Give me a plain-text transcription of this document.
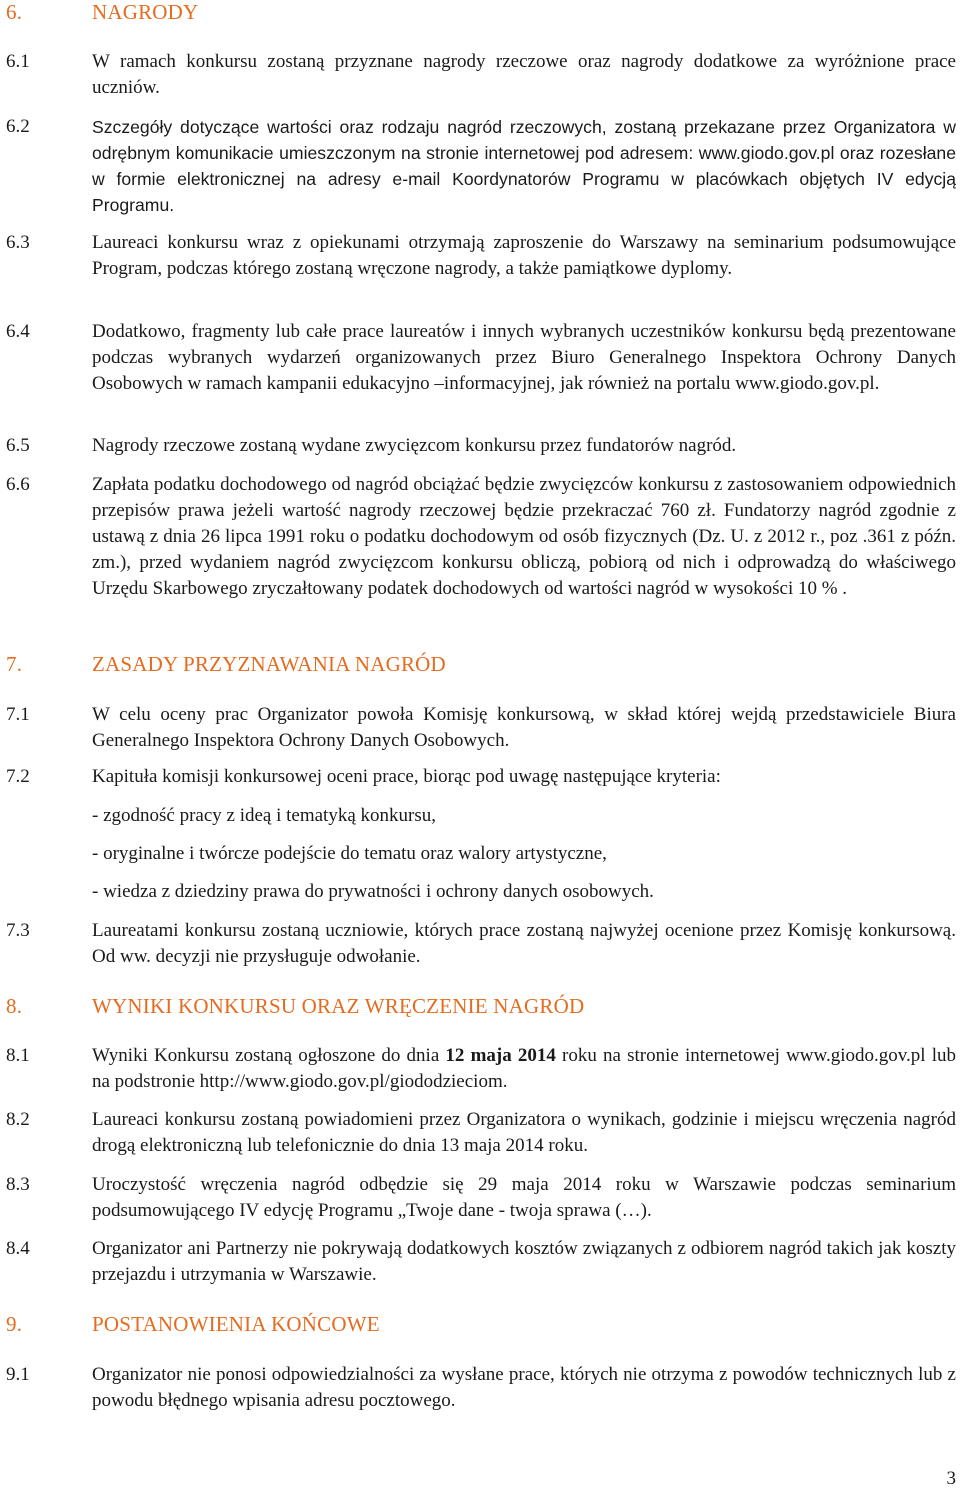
6.	NAGRODY
6.1	W ramach konkursu zostaną przyznane nagrody rzeczowe oraz nagrody dodatkowe za wyróżnione prace uczniów.
6.2	Szczegóły dotyczące wartości oraz rodzaju nagród rzeczowych, zostaną przekazane przez Organizatora w odrębnym komunikacie umieszczonym na stronie internetowej pod adresem: www.giodo.gov.pl oraz rozesłane w formie elektronicznej na adresy e-mail Koordynatorów Programu w placówkach objętych IV edycją Programu.
6.3	Laureaci konkursu wraz z opiekunami otrzymają zaproszenie do Warszawy na seminarium podsumowujące Program, podczas którego zostaną wręczone nagrody, a także pamiątkowe dyplomy.
6.4	Dodatkowo, fragmenty lub całe prace laureatów i innych wybranych uczestników konkursu będą prezentowane podczas wybranych wydarzeń organizowanych przez Biuro Generalnego Inspektora Ochrony Danych Osobowych w ramach kampanii edukacyjno –informacyjnej, jak również na portalu www.giodo.gov.pl.
6.5	Nagrody rzeczowe zostaną wydane zwycięzcom konkursu przez fundatorów nagród.
6.6	Zapłata podatku dochodowego od nagród obciążać będzie zwycięzców konkursu z zastosowaniem odpowiednich przepisów prawa jeżeli wartość nagrody rzeczowej będzie przekraczać 760 zł. Fundatorzy nagród zgodnie z ustawą z dnia 26 lipca 1991 roku o podatku dochodowym od osób fizycznych (Dz. U. z 2012 r., poz .361 z późn. zm.), przed wydaniem nagród zwycięzcom konkursu obliczą, pobiorą od nich i odprowadzą do właściwego Urzędu Skarbowego zryczałtowany podatek dochodowych od wartości nagród w wysokości 10 % .
7.	ZASADY PRZYZNAWANIA NAGRÓD
7.1	W celu oceny prac Organizator powoła Komisję konkursową, w skład której wejdą przedstawiciele Biura Generalnego Inspektora Ochrony Danych Osobowych.
7.2	Kapituła komisji konkursowej oceni prace, biorąc pod uwagę następujące kryteria:
- zgodność pracy z ideą i tematyką konkursu,
- oryginalne i twórcze podejście do tematu oraz walory artystyczne,
- wiedza z dziedziny prawa do prywatności i ochrony danych osobowych.
7.3	Laureatami konkursu zostaną uczniowie, których prace zostaną najwyżej ocenione przez Komisję konkursową. Od ww. decyzji nie przysługuje odwołanie.
8.	WYNIKI KONKURSU ORAZ WRĘCZENIE NAGRÓD
8.1	Wyniki Konkursu zostaną ogłoszone do dnia 12 maja 2014 roku na stronie internetowej www.giodo.gov.pl lub na podstronie http://www.giodo.gov.pl/giododzieciom.
8.2	Laureaci konkursu zostaną powiadomieni przez Organizatora o wynikach, godzinie i miejscu wręczenia nagród drogą elektroniczną lub telefonicznie do dnia 13 maja 2014 roku.
8.3	Uroczystość wręczenia nagród odbędzie się 29 maja 2014 roku w Warszawie podczas seminarium podsumowującego IV edycję Programu „Twoje dane - twoja sprawa (…).
8.4	Organizator ani Partnerzy nie pokrywają dodatkowych kosztów związanych z odbiorem nagród takich jak koszty przejazdu i utrzymania w Warszawie.
9.	POSTANOWIENIA KOŃCOWE
9.1	Organizator nie ponosi odpowiedzialności za wysłane prace, których nie otrzyma z powodów technicznych lub z powodu błędnego wpisania adresu pocztowego.
3
